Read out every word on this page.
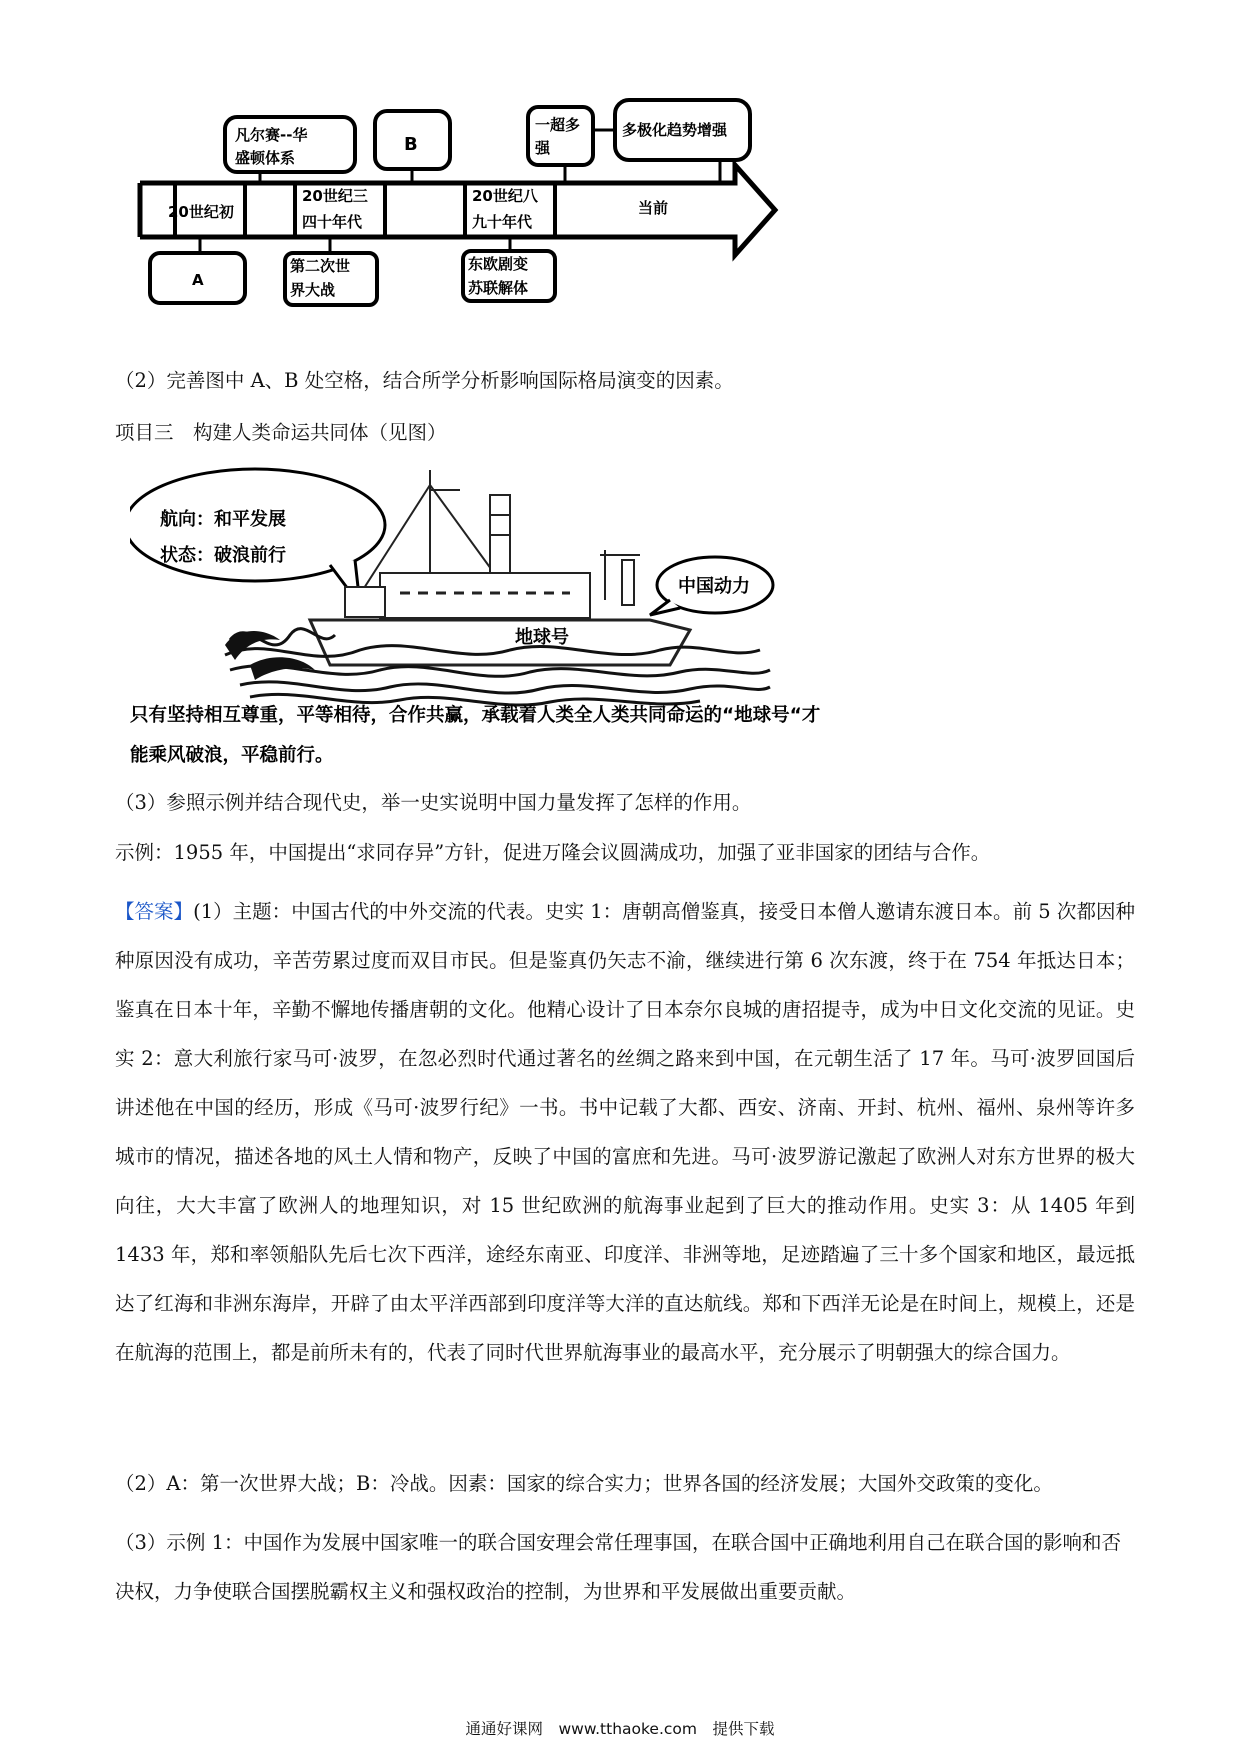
凡尔赛--华
盛顿体系
B
一超多
强
多极化趋势增强
20世纪初
20世纪三
四十年代
20世纪八
九十年代
当前
A
第二次世
界大战
东欧剧变
苏联解体
（2）完善图中 A、B 处空格，结合所学分析影响国际格局演变的因素。
项目三　构建人类命运共同体（见图）
航向：和平发展
状态：破浪前行
中国动力
地球号
只有坚持相互尊重，平等相待，合作共赢，承载着人类全人类共同命运的“地球号“才
能乘风破浪，平稳前行。
（3）参照示例并结合现代史，举一史实说明中国力量发挥了怎样的作用。
示例：1955 年，中国提出“求同存异”方针，促进万隆会议圆满成功，加强了亚非国家的团结与合作。
【答案】(1）主题：中国古代的中外交流的代表。史实 1：唐朝高僧鉴真，接受日本僧人邀请东渡日本。前 5 次都因种种原因没有成功，辛苦劳累过度而双目市民。但是鉴真仍矢志不渝，继续进行第 6 次东渡，终于在 754 年抵达日本；鉴真在日本十年，辛勤不懈地传播唐朝的文化。他精心设计了日本奈尔良城的唐招提寺，成为中日文化交流的见证。史实 2：意大利旅行家马可·波罗，在忽必烈时代通过著名的丝绸之路来到中国，在元朝生活了 17 年。马可·波罗回国后讲述他在中国的经历，形成《马可·波罗行纪》一书。书中记载了大都、西安、济南、开封、杭州、福州、泉州等许多城市的情况，描述各地的风土人情和物产，反映了中国的富庶和先进。马可·波罗游记激起了欧洲人对东方世界的极大向往，大大丰富了欧洲人的地理知识，对 15 世纪欧洲的航海事业起到了巨大的推动作用。史实 3：从 1405 年到 1433 年，郑和率领船队先后七次下西洋，途经东南亚、印度洋、非洲等地，足迹踏遍了三十多个国家和地区，最远抵达了红海和非洲东海岸，开辟了由太平洋西部到印度洋等大洋的直达航线。郑和下西洋无论是在时间上，规模上，还是在航海的范围上，都是前所未有的，代表了同时代世界航海事业的最高水平，充分展示了明朝强大的综合国力。
（2）A：第一次世界大战；B：冷战。因素：国家的综合实力；世界各国的经济发展；大国外交政策的变化。
（3）示例 1：中国作为发展中国家唯一的联合国安理会常任理事国，在联合国中正确地利用自己在联合国的影响和否决权，力争使联合国摆脱霸权主义和强权政治的控制，为世界和平发展做出重要贡献。
通通好课网　www.tthaoke.com　提供下载
